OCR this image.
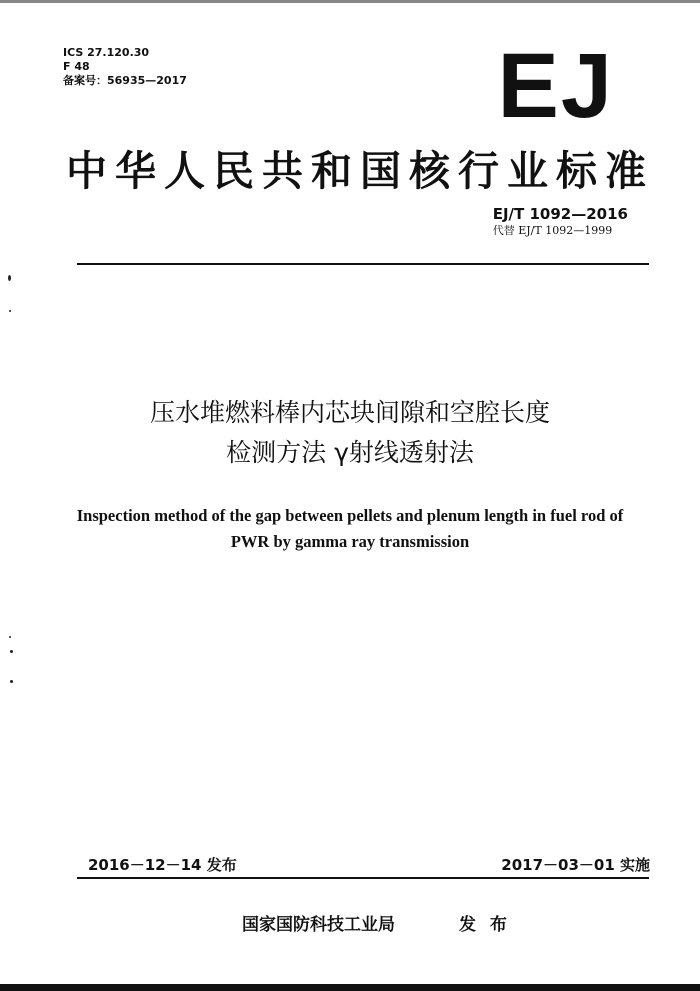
ICS 27.120.30
F 48
备案号：56935—2017	EJ
中华人民共和国核行业标准
EJ/T 1092—2016
代替 EJ/T 1092—1999
压水堆燃料棒内芯块间隙和空腔长度
检测方法 γ射线透射法
Inspection method of the gap between pellets and plenum length in fuel rod of
PWR by gamma ray transmission
2016－12－14 发布	2017－03－01 实施
国家国防科技工业局	发 布
